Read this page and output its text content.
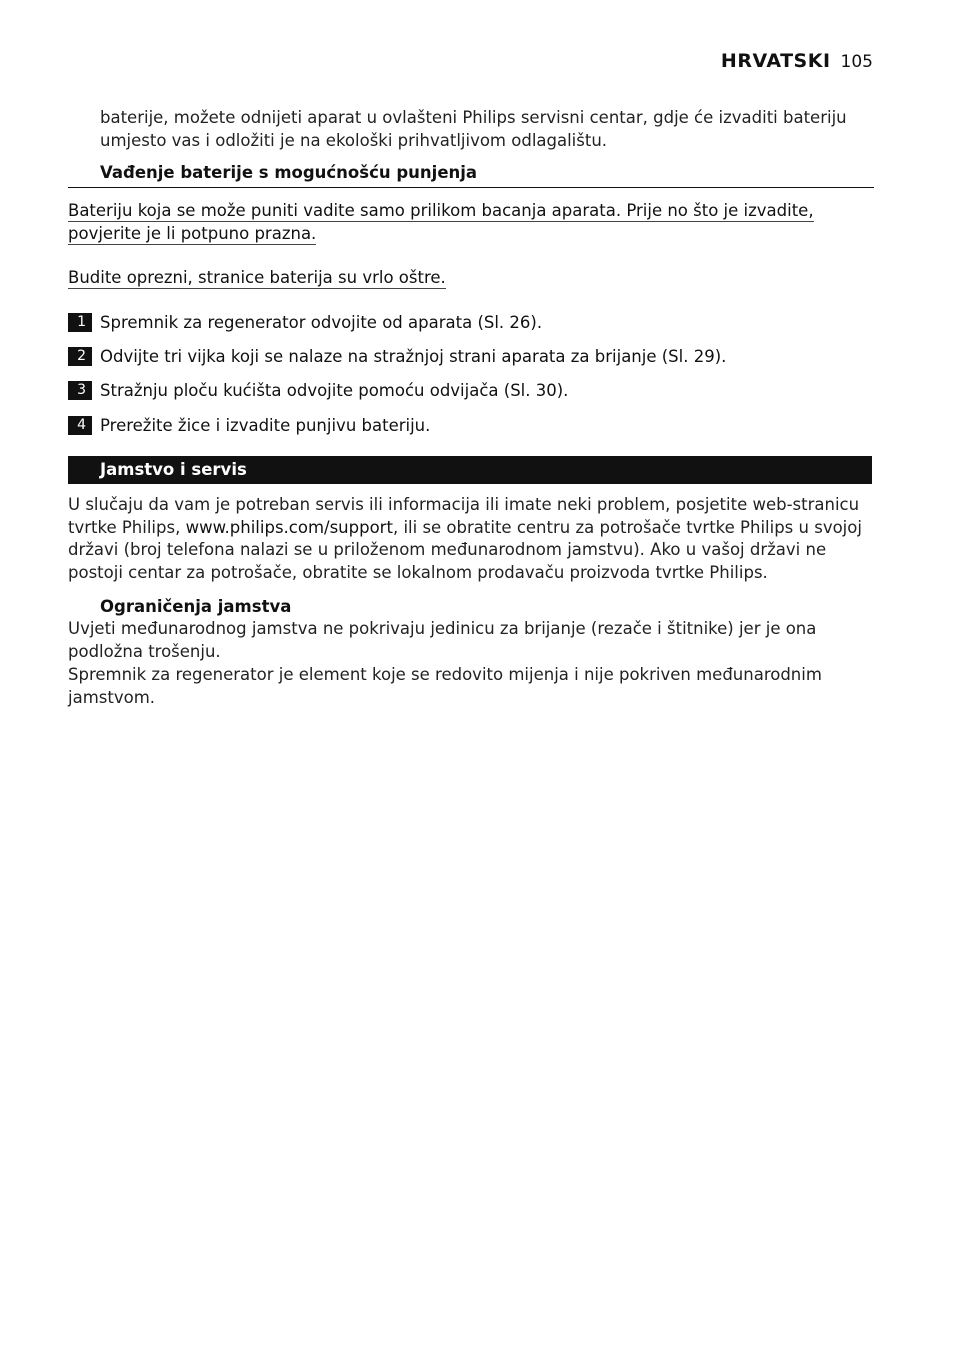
HRVATSKI 105
baterije, možete odnijeti aparat u ovlašteni Philips servisni centar, gdje će izvaditi bateriju umjesto vas i odložiti je na ekološki prihvatljivom odlagalištu.
Vađenje baterije s mogućnošću punjenja
Bateriju koja se može puniti vadite samo prilikom bacanja aparata. Prije no što je izvadite, povjerite je li potpuno prazna.
Budite oprezni, stranice baterija su vrlo oštre.
1 Spremnik za regenerator odvojite od aparata (Sl. 26).
2 Odvijte tri vijka koji se nalaze na stražnjoj strani aparata za brijanje (Sl. 29).
3 Stražnju ploču kućišta odvojite pomoću odvijača (Sl. 30).
4 Prerežite žice i izvadite punjivu bateriju.
Jamstvo i servis
U slučaju da vam je potreban servis ili informacija ili imate neki problem, posjetite web-stranicu tvrtke Philips, www.philips.com/support, ili se obratite centru za potrošače tvrtke Philips u svojoj državi (broj telefona nalazi se u priloženom međunarodnom jamstvu). Ako u vašoj državi ne postoji centar za potrošače, obratite se lokalnom prodavaču proizvoda tvrtke Philips.
Ograničenja jamstva
Uvjeti međunarodnog jamstva ne pokrivaju jedinicu za brijanje (rezače i štitnike) jer je ona podložna trošenju.
Spremnik za regenerator je element koje se redovito mijenja i nije pokriven međunarodnim jamstvom.
